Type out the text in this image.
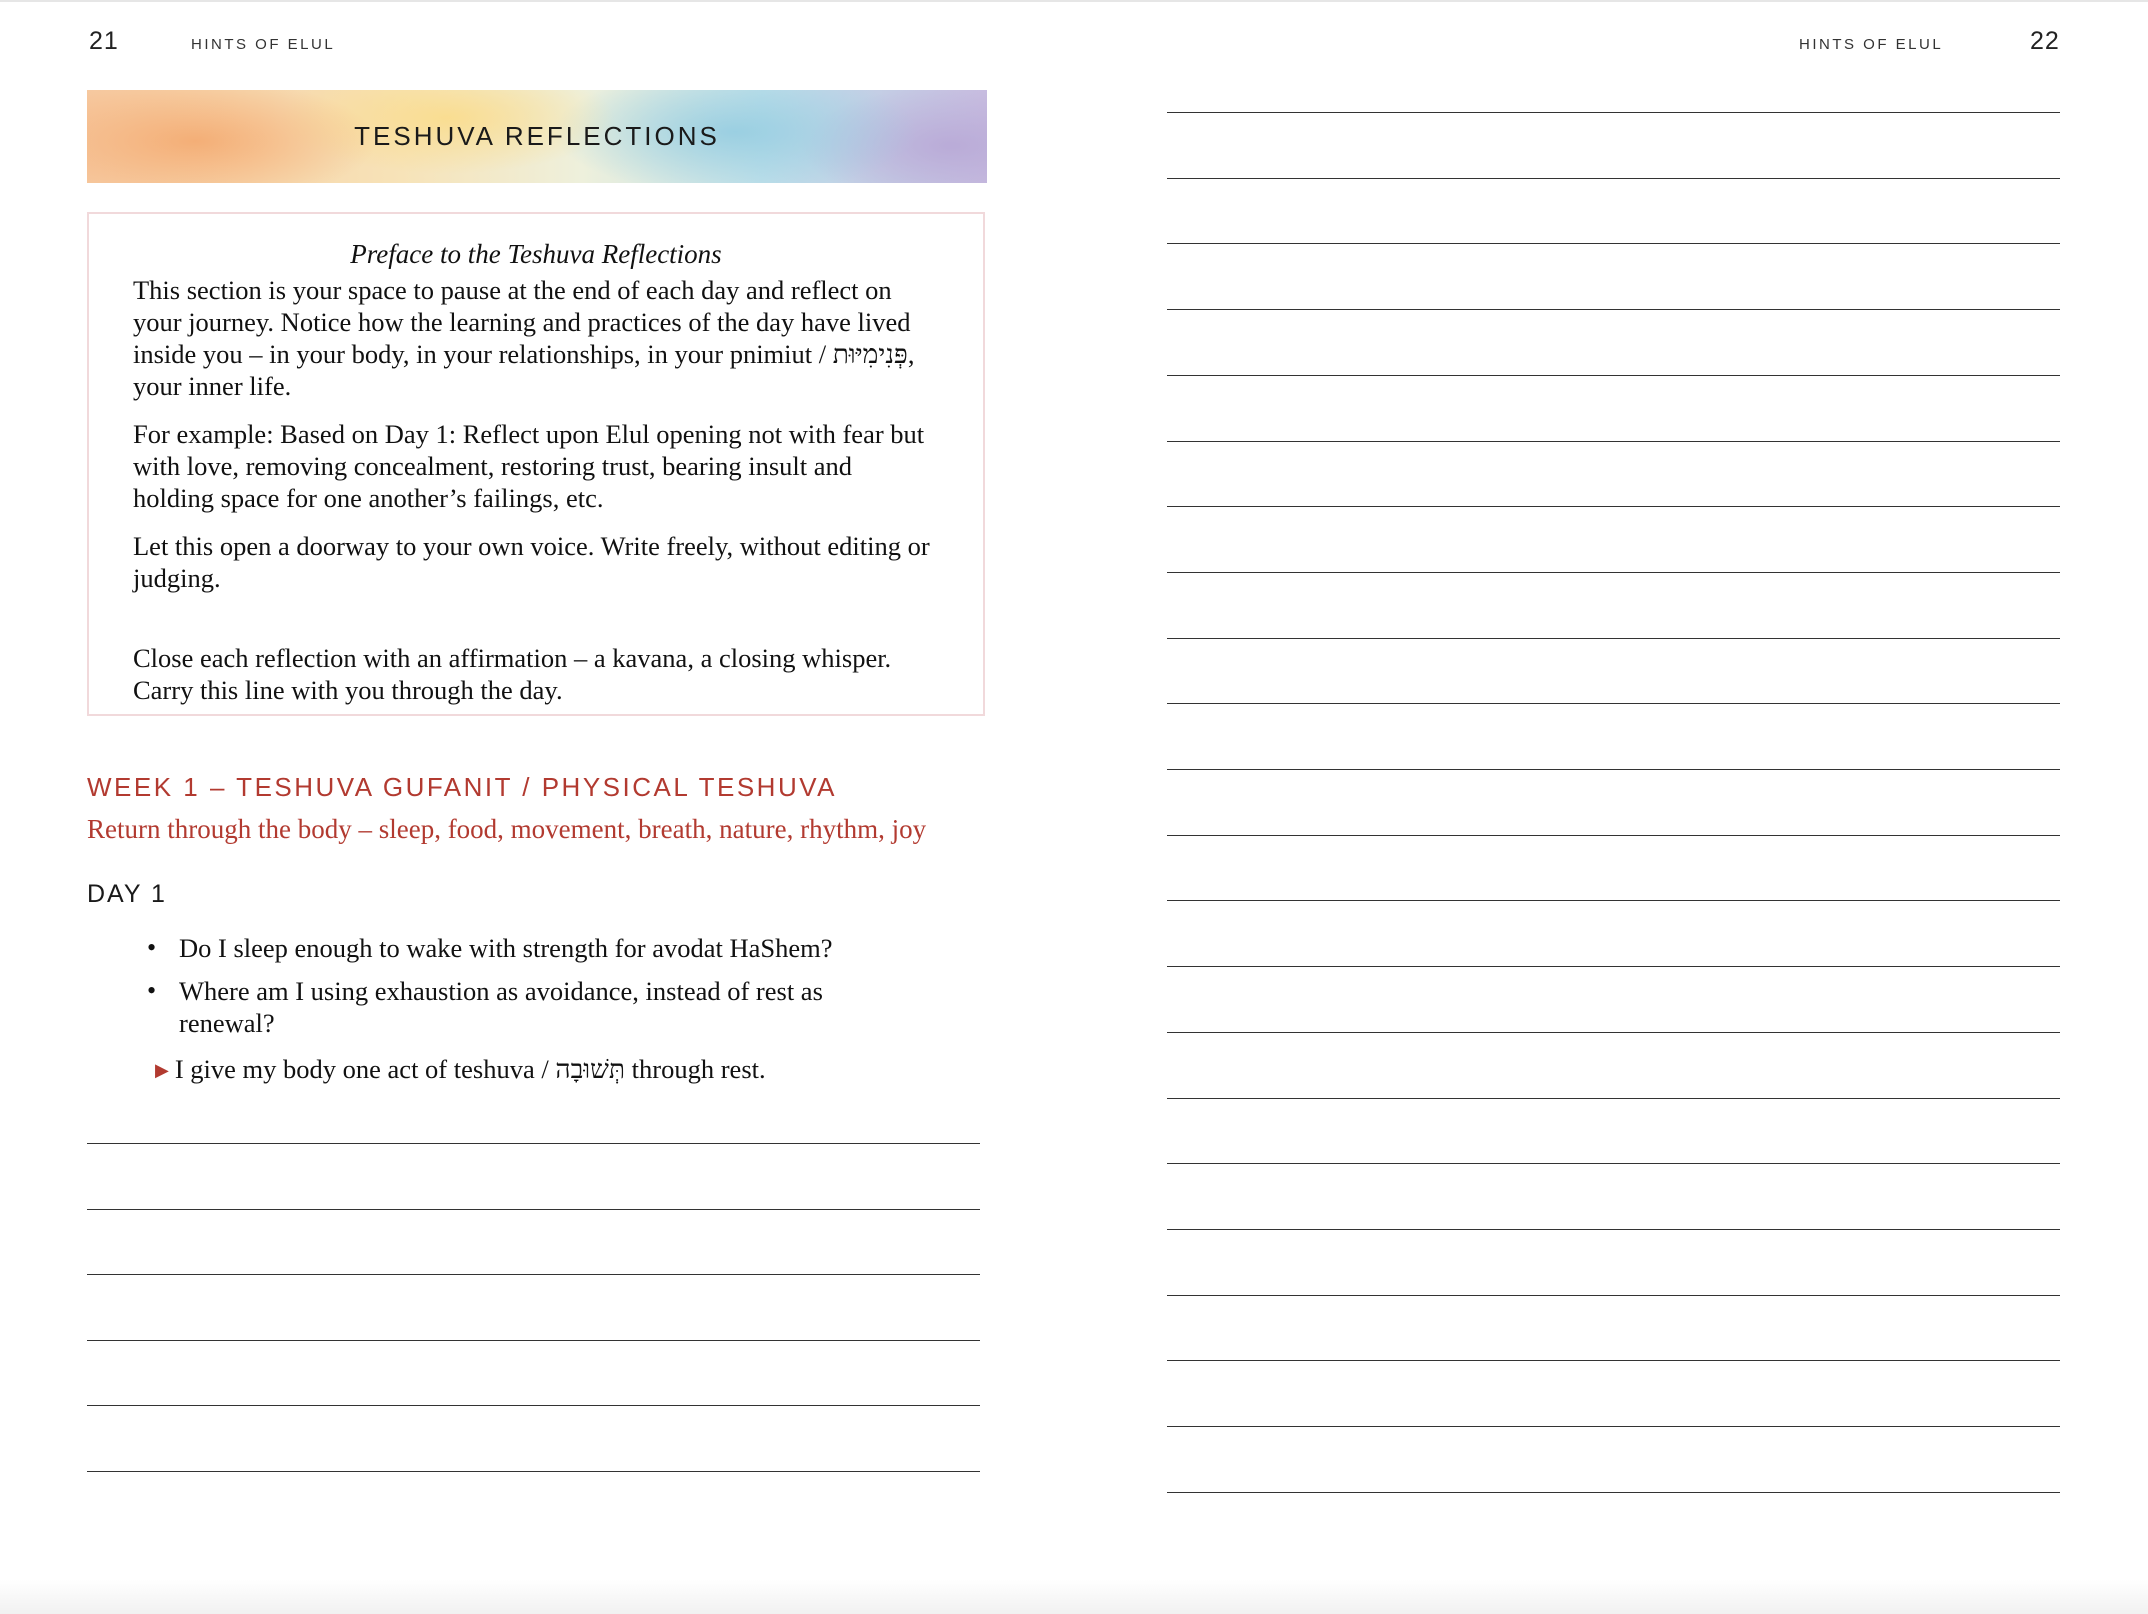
21	HINTS OF ELUL
TESHUVA REFLECTIONS
Preface to the Teshuva Reflections

This section is your space to pause at the end of each day and reflect on your journey. Notice how the learning and practices of the day have lived inside you – in your body, in your relationships, in your pnimiut / פְּנִימִיּוּת, your inner life.

For example: Based on Day 1: Reflect upon Elul opening not with fear but with love, removing concealment, restoring trust, bearing insult and holding space for one another’s failings, etc.

Let this open a doorway to your own voice. Write freely, without editing or judging.

Close each reflection with an affirmation – a kavana, a closing whisper. Carry this line with you through the day.

WEEK 1 – TESHUVA GUFANIT / PHYSICAL TESHUVA
Return through the body – sleep, food, movement, breath, nature, rhythm, joy
DAY 1
• Do I sleep enough to wake with strength for avodat HaShem?
• Where am I using exhaustion as avoidance, instead of rest as renewal?
▶ I give my body one act of teshuva / תְּשׁוּבָה through rest.
HINTS OF ELUL	22
